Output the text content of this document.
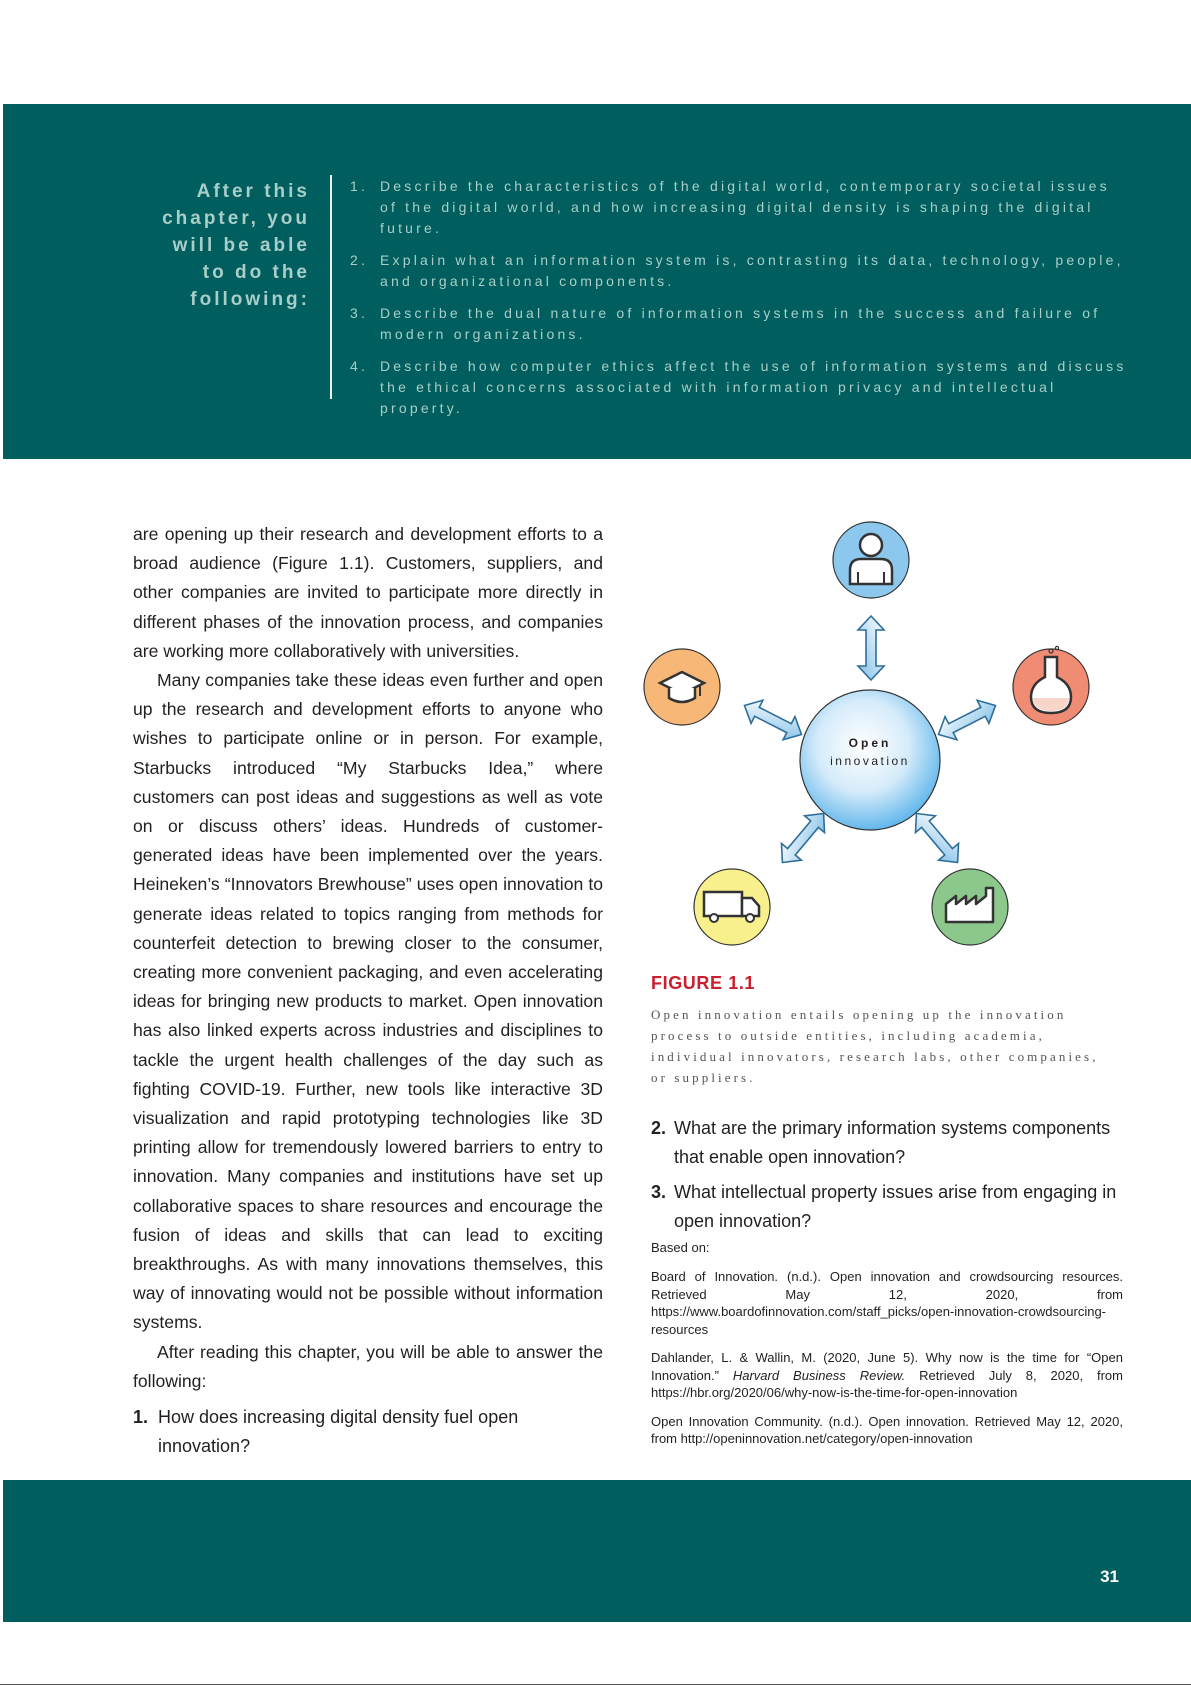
After this
chapter, you
will be able
to do the
following:
1. Describe the characteristics of the digital world, contemporary societal issues of the digital world, and how increasing digital density is shaping the digital future.
2. Explain what an information system is, contrasting its data, technology, people, and organizational components.
3. Describe the dual nature of information systems in the success and failure of modern organizations.
4. Describe how computer ethics affect the use of information systems and discuss the ethical concerns associated with information privacy and intellectual property.

are opening up their research and development efforts to a broad audience (Figure 1.1). Customers, suppliers, and other companies are invited to participate more directly in different phases of the innovation process, and companies are working more collaboratively with universities.

Many companies take these ideas even further and open up the research and development efforts to anyone who wishes to participate online or in person. For example, Starbucks introduced “My Starbucks Idea,” where customers can post ideas and suggestions as well as vote on or discuss others’ ideas. Hundreds of customer-generated ideas have been implemented over the years. Heineken’s “Innovators Brewhouse” uses open innovation to generate ideas related to topics ranging from methods for counterfeit detection to brewing closer to the consumer, creating more convenient packaging, and even accelerating ideas for bringing new products to market. Open innovation has also linked experts across industries and disciplines to tackle the urgent health challenges of the day such as fighting COVID-19. Further, new tools like interactive 3D visualization and rapid prototyping technologies like 3D printing allow for tremendously lowered barriers to entry to innovation. Many companies and institutions have set up collaborative spaces to share resources and encourage the fusion of ideas and skills that can lead to exciting breakthroughs. As with many innovations themselves, this way of innovating would not be possible without information systems.

After reading this chapter, you will be able to answer the following:

1. How does increasing digital density fuel open innovation?
Open
innovation
FIGURE 1.1
Open innovation entails opening up the innovation process to outside entities, including academia, individual innovators, research labs, other companies, or suppliers.
2. What are the primary information systems components that enable open innovation?
3. What intellectual property issues arise from engaging in open innovation?
Based on:

Board of Innovation. (n.d.). Open innovation and crowdsourcing resources. Retrieved May 12, 2020, from https://www.boardofinnovation.com/staff_picks/open-innovation-crowdsourcing-resources

Dahlander, L. & Wallin, M. (2020, June 5). Why now is the time for “Open Innovation.” Harvard Business Review. Retrieved July 8, 2020, from https://hbr.org/2020/06/why-now-is-the-time-for-open-innovation

Open Innovation Community. (n.d.). Open innovation. Retrieved May 12, 2020, from http://openinnovation.net/category/open-innovation

31
